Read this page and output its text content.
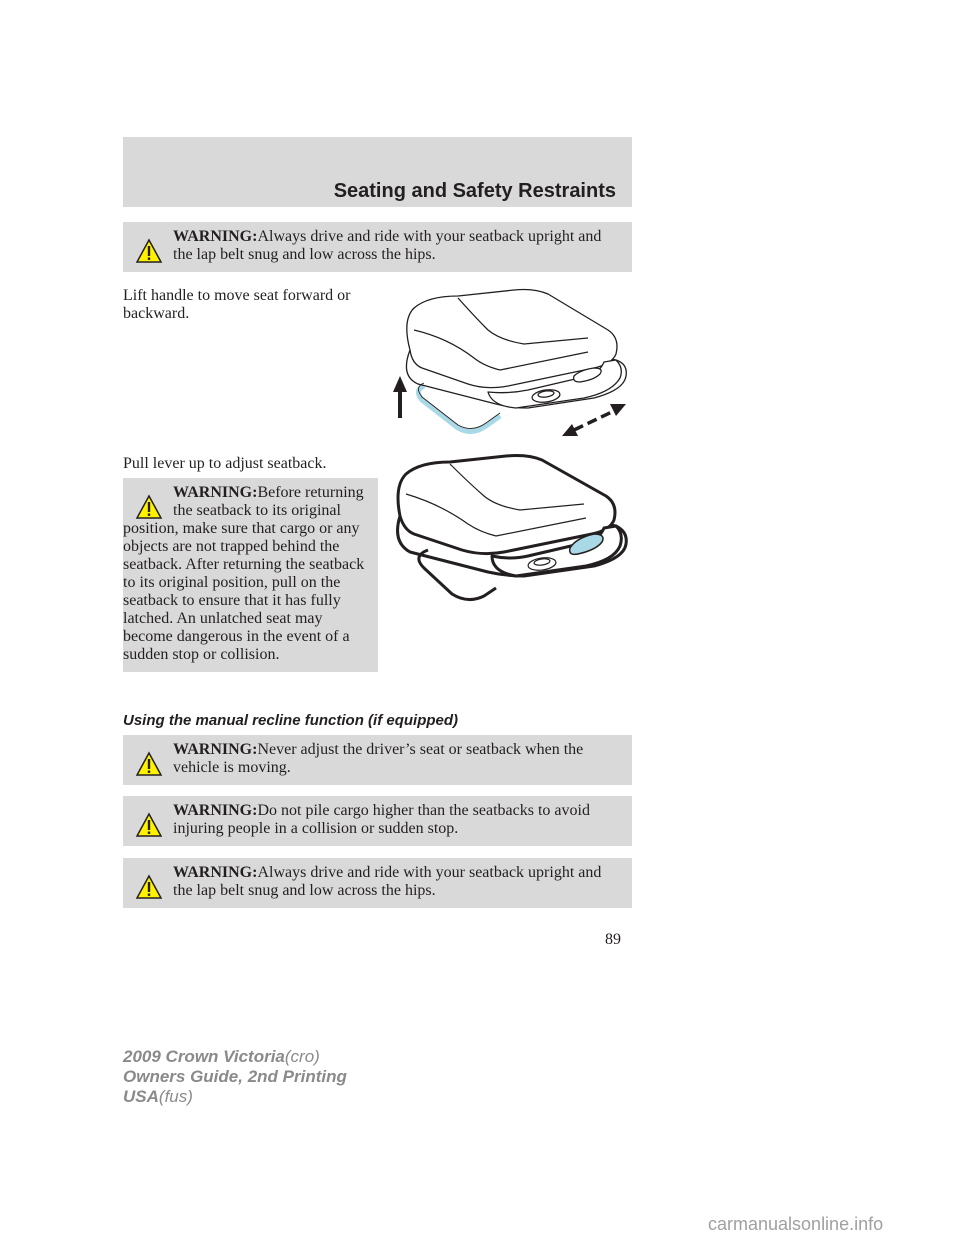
Seating and Safety Restraints
WARNING:Always drive and ride with your seatback upright and the lap belt snug and low across the hips.
Lift handle to move seat forward or backward.
Pull lever up to adjust seatback.
WARNING:Before returning the seatback to its original position, make sure that cargo or any objects are not trapped behind the seatback. After returning the seatback to its original position, pull on the seatback to ensure that it has fully latched. An unlatched seat may become dangerous in the event of a sudden stop or collision.
Using the manual recline function (if equipped)
WARNING:Never adjust the driver’s seat or seatback when the vehicle is moving.
WARNING:Do not pile cargo higher than the seatbacks to avoid injuring people in a collision or sudden stop.
WARNING:Always drive and ride with your seatback upright and the lap belt snug and low across the hips.
89
2009 Crown Victoria(cro)
Owners Guide, 2nd Printing
USA(fus)
carmanualsonline.info
